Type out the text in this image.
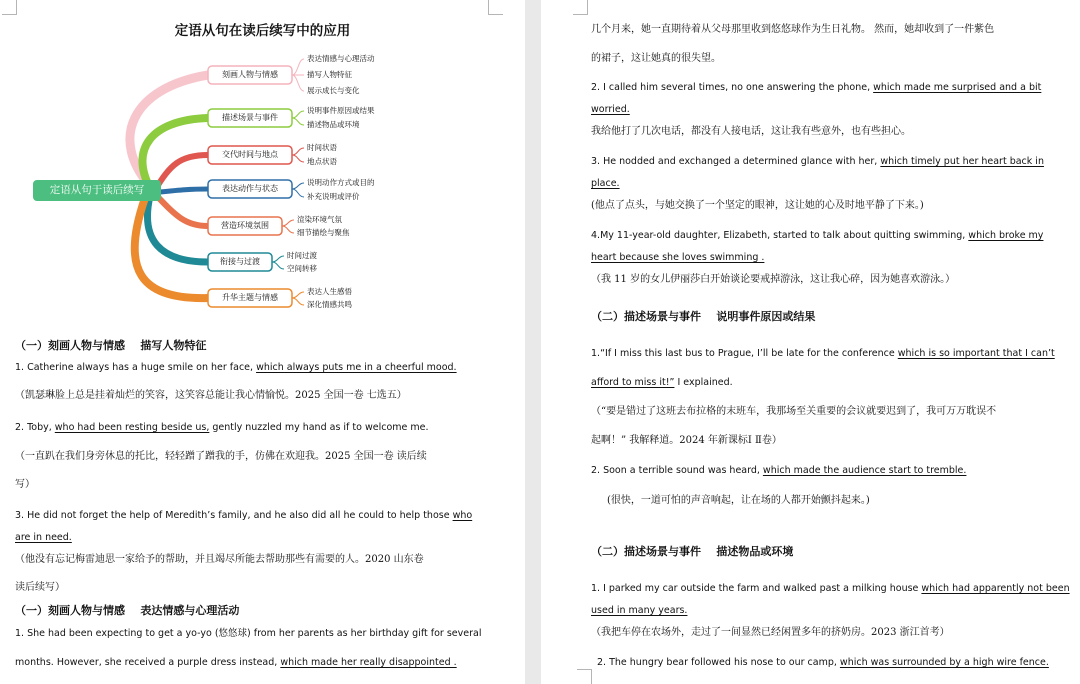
定语从句在读后续写中的应用
定语从句于读后续写
刻画人物与情感
描述场景与事件
交代时间与地点
表达动作与状态
营造环境氛围
衔接与过渡
升华主题与情感
表达情感与心理活动
描写人物特征
展示成长与变化
说明事件原因或结果
描述物品或环境
时间状语
地点状语
说明动作方式或目的
补充说明或评价
渲染环境气氛
细节描绘与聚焦
时间过渡
空间转移
表达人生感悟
深化情感共鸣
（一）刻画人物与情感 描写人物特征
1. Catherine always has a huge smile on her face, which always puts me in a cheerful mood.
（凯瑟琳脸上总是挂着灿烂的笑容，这笑容总能让我心情愉悦。2025 全国一卷 七选五）
2. Toby, who had been resting beside us, gently nuzzled my hand as if to welcome me.
（一直趴在我们身旁休息的托比，轻轻蹭了蹭我的手，仿佛在欢迎我。2025 全国一卷 读后续
写）
3. He did not forget the help of Meredith’s family, and he also did all he could to help those who
are in need.
（他没有忘记梅雷迪思一家给予的帮助，并且竭尽所能去帮助那些有需要的人。2020 山东卷
读后续写）
（一）刻画人物与情感 表达情感与心理活动
1. She had been expecting to get a yo-yo (悠悠球) from her parents as her birthday gift for several
months. However, she received a purple dress instead, which made her really disappointed .
几个月来，她一直期待着从父母那里收到悠悠球作为生日礼物。 然而，她却收到了一件紫色
的裙子，这让她真的很失望。
2. I called him several times, no one answering the phone, which made me surprised and a bit
worried.
我给他打了几次电话，都没有人接电话，这让我有些意外，也有些担心。
3. He nodded and exchanged a determined glance with her, which timely put her heart back in
place.
(他点了点头，与她交换了一个坚定的眼神，这让她的心及时地平静了下来。)
4.My 11-year-old daughter, Elizabeth, started to talk about quitting swimming, which broke my
heart because she loves swimming .
（我 11 岁的女儿伊丽莎白开始谈论要戒掉游泳，这让我心碎，因为她喜欢游泳。）
（二）描述场景与事件 说明事件原因或结果
1.“If I miss this last bus to Prague, I’ll be late for the conference which is so important that I can’t
afford to miss it!” I explained.
（“要是错过了这班去布拉格的末班车，我那场至关重要的会议就要迟到了，我可万万耽误不
起啊！” 我解释道。2024 年新课标Ⅰ Ⅱ卷）
2. Soon a terrible sound was heard, which made the audience start to tremble.
(很快，一道可怕的声音响起，让在场的人都开始颤抖起来。)
（二）描述场景与事件 描述物品或环境
1. I parked my car outside the farm and walked past a milking house which had apparently not been
used in many years.
（我把车停在农场外，走过了一间显然已经闲置多年的挤奶房。2023 浙江首考）
2. The hungry bear followed his nose to our camp, which was surrounded by a high wire fence.
